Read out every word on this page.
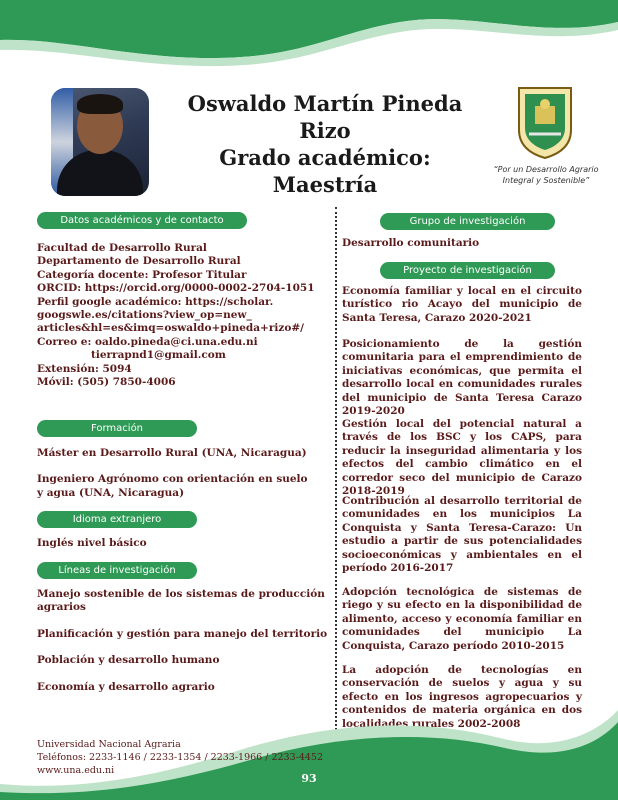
Oswaldo Martín Pineda Rizo
Grado académico: Maestría
“Por un Desarrollo Agrario
Integral y Sostenible”
Datos académicos y de contacto
Facultad de Desarrollo Rural
Departamento de Desarrollo Rural
Categoría docente: Profesor Titular
ORCID: https://orcid.org/0000-0002-2704-1051
Perfil google académico: https://scholar.
googswle.es/citations?view_op=new_
articles&hl=es&imq=oswaldo+pineda+rizo#/
Correo e: oaldo.pineda@ci.una.edu.ni
tierrapnd1@gmail.com
Extensión: 5094
Móvil: (505) 7850-4006
Formación
Máster en Desarrollo Rural (UNA, Nicaragua)
Ingeniero Agrónomo con orientación en suelo
y agua (UNA, Nicaragua)
Idioma extranjero
Inglés nivel básico
Líneas de investigación
Manejo sostenible de los sistemas de producción
agrarios
Planificación y gestión para manejo del territorio
Población y desarrollo humano
Economía y desarrollo agrario
Grupo de investigación
Desarrollo comunitario
Proyecto de investigación
Economía familiar y local en el circuito turístico rio Acayo del municipio de Santa Teresa, Carazo 2020-2021
Posicionamiento de la gestión comunitaria para el emprendimiento de iniciativas económicas, que permita el desarrollo local en comunidades rurales del municipio de Santa Teresa Carazo 2019-2020
Gestión local del potencial natural a través de los BSC y los CAPS, para reducir la inseguridad alimentaria y los efectos del cambio climático en el corredor seco del municipio de Carazo 2018-2019
Contribución al desarrollo territorial de comunidades en los municipios La Conquista y Santa Teresa-Carazo: Un estudio a partir de sus potencialidades socioeconómicas y ambientales en el período 2016-2017
Adopción tecnológica de sistemas de riego y su efecto en la disponibilidad de alimento, acceso y economía familiar en comunidades del municipio La Conquista, Carazo período 2010-2015
La adopción de tecnologías en conservación de suelos y agua y su efecto en los ingresos agropecuarios y contenidos de materia orgánica en dos localidades rurales 2002-2008
Universidad Nacional Agraria
Teléfonos: 2233-1146 / 2233-1354 / 2233-1966 / 2233-4452
www.una.edu.ni
93
